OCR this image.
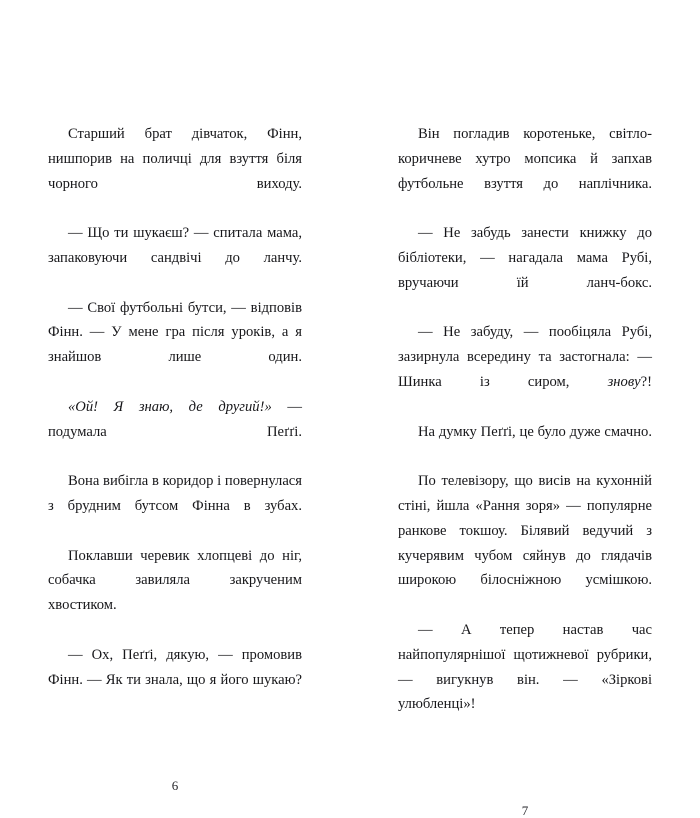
Старший брат дівчаток, Фінн, нишпорив на поличці для взуття біля чорного виходу.

— Що ти шукаєш? — спитала мама, запаковуючи сандвічі до ланчу.

— Свої футбольні бутси, — відповів Фінн. — У мене гра після уроків, а я знайшов лише один.

«Ой! Я знаю, де другий!» — подумала Пеґґі.

Вона вибігла в коридор і повернулася з брудним бутсом Фінна в зубах.

Поклавши черевик хлопцеві до ніг, собачка завиляла закрученим хвостиком.

— Ох, Пеґґі, дякую, — промовив Фінн. — Як ти знала, що я його шукаю?

6

Він погладив коротеньке, світло-коричневе хутро мопсика й запхав футбольне взуття до наплічника.

— Не забудь занести книжку до бібліотеки, — нагадала мама Рубі, вручаючи їй ланч-бокс.

— Не забуду, — пообіцяла Рубі, зазирнула всередину та застогнала: — Шинка із сиром, знову?!

На думку Пеґґі, це було дуже смачно.

По телевізору, що висів на кухонній стіні, йшла «Рання зоря» — популярне ранкове токшоу. Білявий ведучий з кучерявим чубом сяйнув до глядачів широкою білосніжною усмішкою.

— А тепер настав час найпопулярнішої щотижневої рубрики, — вигукнув він. — «Зіркові улюбленці»!

7
